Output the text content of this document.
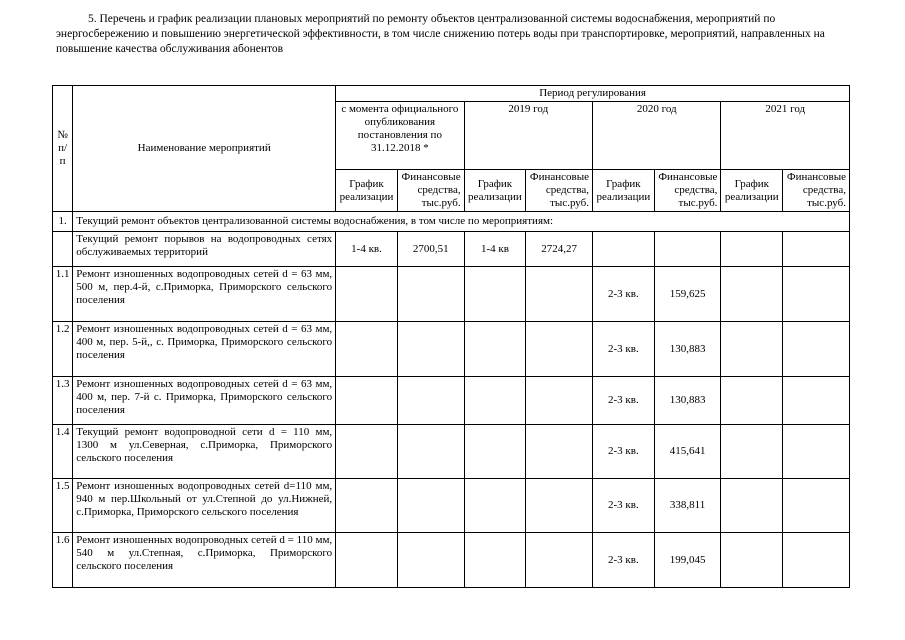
5. Перечень и график реализации плановых мероприятий по ремонту объектов централизованной системы водоснабжения, мероприятий по энергосбережению и повышению энергетической эффективности, в том числе снижению потерь воды при транспортировке, мероприятий, направленных на повышение качества обслуживания абонентов

№ п/п	Наименование мероприятий	Период регулирования							
		с момента официального опубликования постановления по 31.12.2018 *		2019 год		2020 год		2021 год	
		График реализации	Финансовые средства, тыс.руб.	График реализации	Финансовые средства, тыс.руб.	График реализации	Финансовые средства, тыс.руб.	График реализации	Финансовые средства, тыс.руб.
1.	Текущий ремонт объектов централизованной системы водоснабжения, в том числе по мероприятиям:								
	Текущий ремонт порывов на водопроводных сетях обслуживаемых территорий	1-4 кв.	2700,51	1-4 кв	2724,27				
1.1	Ремонт изношенных водопроводных сетей d = 63 мм, 500 м, пер.4-й, с.Приморка, Приморского сельского поселения					2-3 кв.	159,625		
1.2	Ремонт изношенных водопроводных сетей d = 63 мм, 400 м, пер. 5-й,, с. Приморка, Приморского сельского поселения					2-3 кв.	130,883		
1.3	Ремонт изношенных водопроводных сетей d = 63 мм, 400 м, пер. 7-й с. Приморка, Приморского сельского поселения					2-3 кв.	130,883		
1.4	Текущий ремонт водопроводной сети d = 110 мм, 1300 м ул.Северная, с.Приморка, Приморского сельского поселения					2-3 кв.	415,641		
1.5	Ремонт изношенных водопроводных сетей d=110 мм, 940 м пер.Школьный от ул.Степной до ул.Нижней, с.Приморка, Приморского сельского поселения					2-3 кв.	338,811		
1.6	Ремонт изношенных водопроводных сетей d = 110 мм, 540 м ул.Степная, с.Приморка, Приморского сельского поселения					2-3 кв.	199,045		
